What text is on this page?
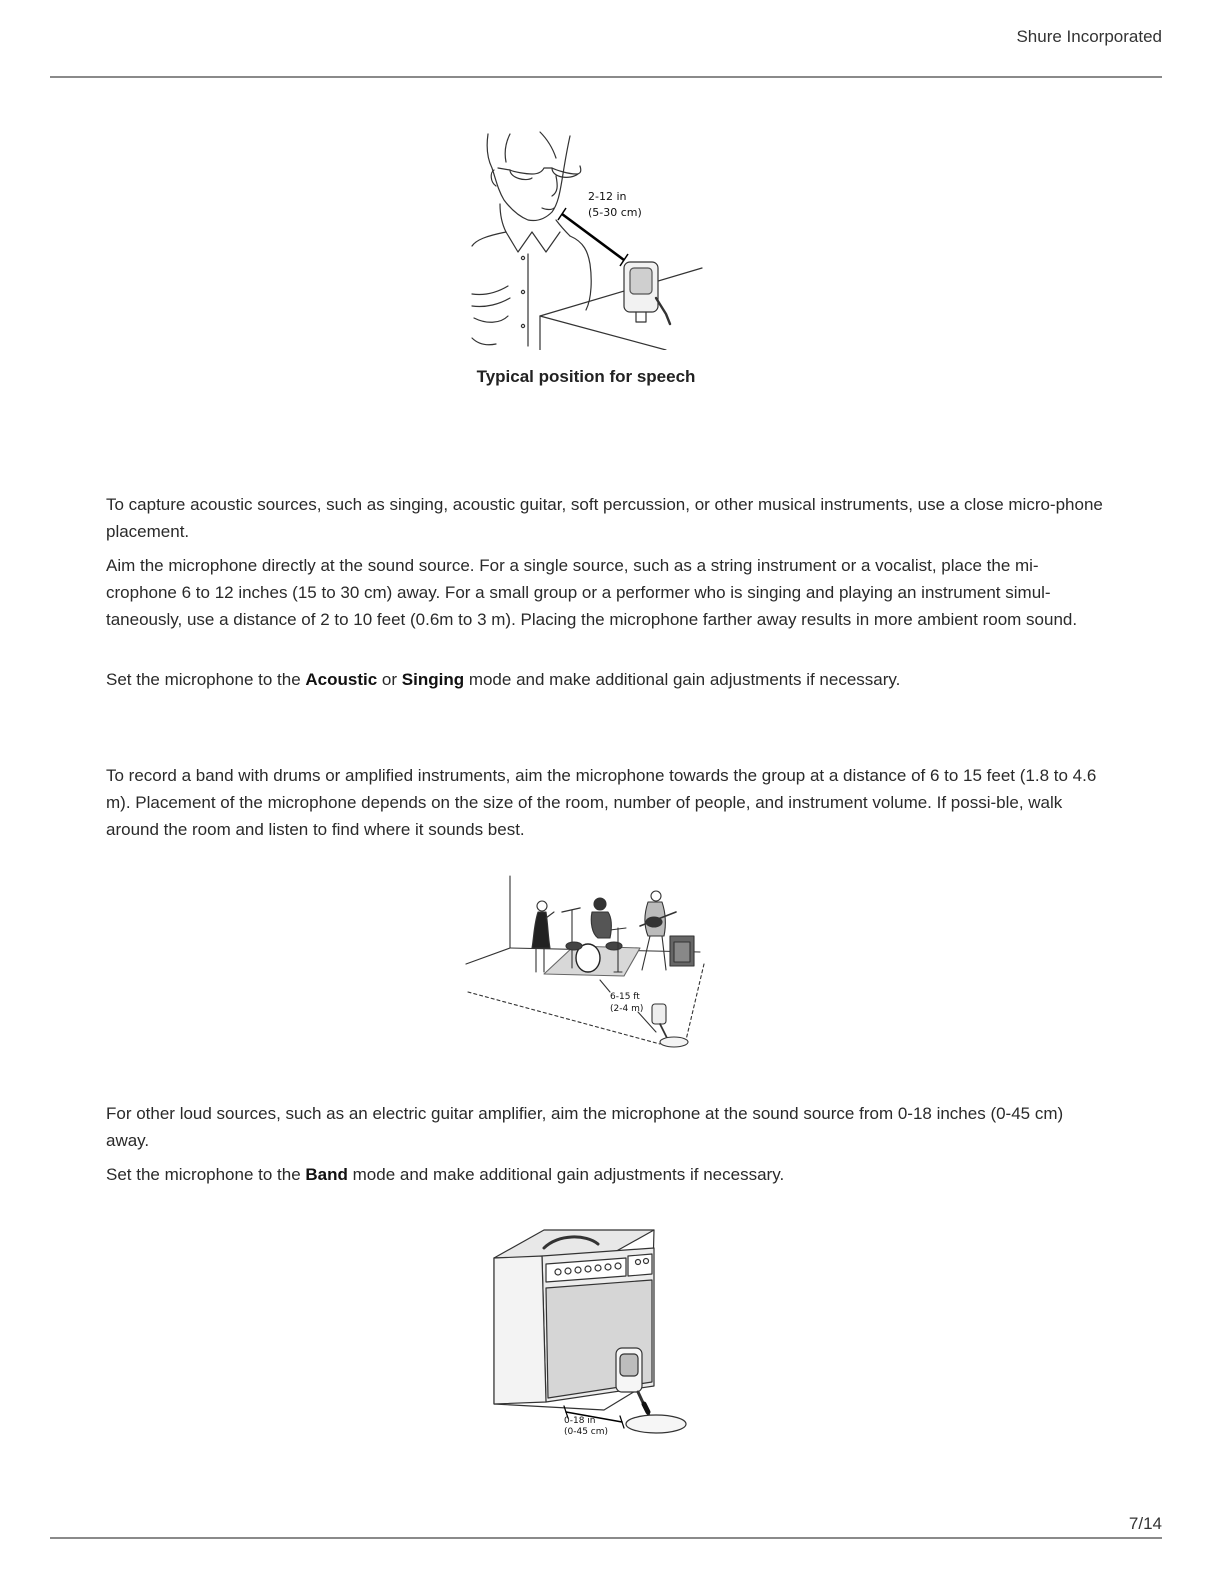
Shure Incorporated
2-12 in
(5-30 cm)
Typical position for speech

To capture acoustic sources, such as singing, acoustic guitar, soft percussion, or other musical instruments, use a close micro-phone placement.

Aim the microphone directly at the sound source. For a single source, such as a string instrument or a vocalist, place the mi-crophone 6 to 12 inches (15 to 30 cm) away. For a small group or a performer who is singing and playing an instrument simul-taneously, use a distance of 2 to 10 feet (0.6m to 3 m). Placing the microphone farther away results in more ambient room sound.

Set the microphone to the Acoustic or Singing mode and make additional gain adjustments if necessary.

To record a band with drums or amplified instruments, aim the microphone towards the group at a distance of 6 to 15 feet (1.8 to 4.6 m). Placement of the microphone depends on the size of the room, number of people, and instrument volume. If possi-ble, walk around the room and listen to find where it sounds best.

6-15 ft
(2-4 m)

For other loud sources, such as an electric guitar amplifier, aim the microphone at the sound source from 0-18 inches (0-45 cm) away.

Set the microphone to the Band mode and make additional gain adjustments if necessary.

0-18 in
(0-45 cm)
7/14
